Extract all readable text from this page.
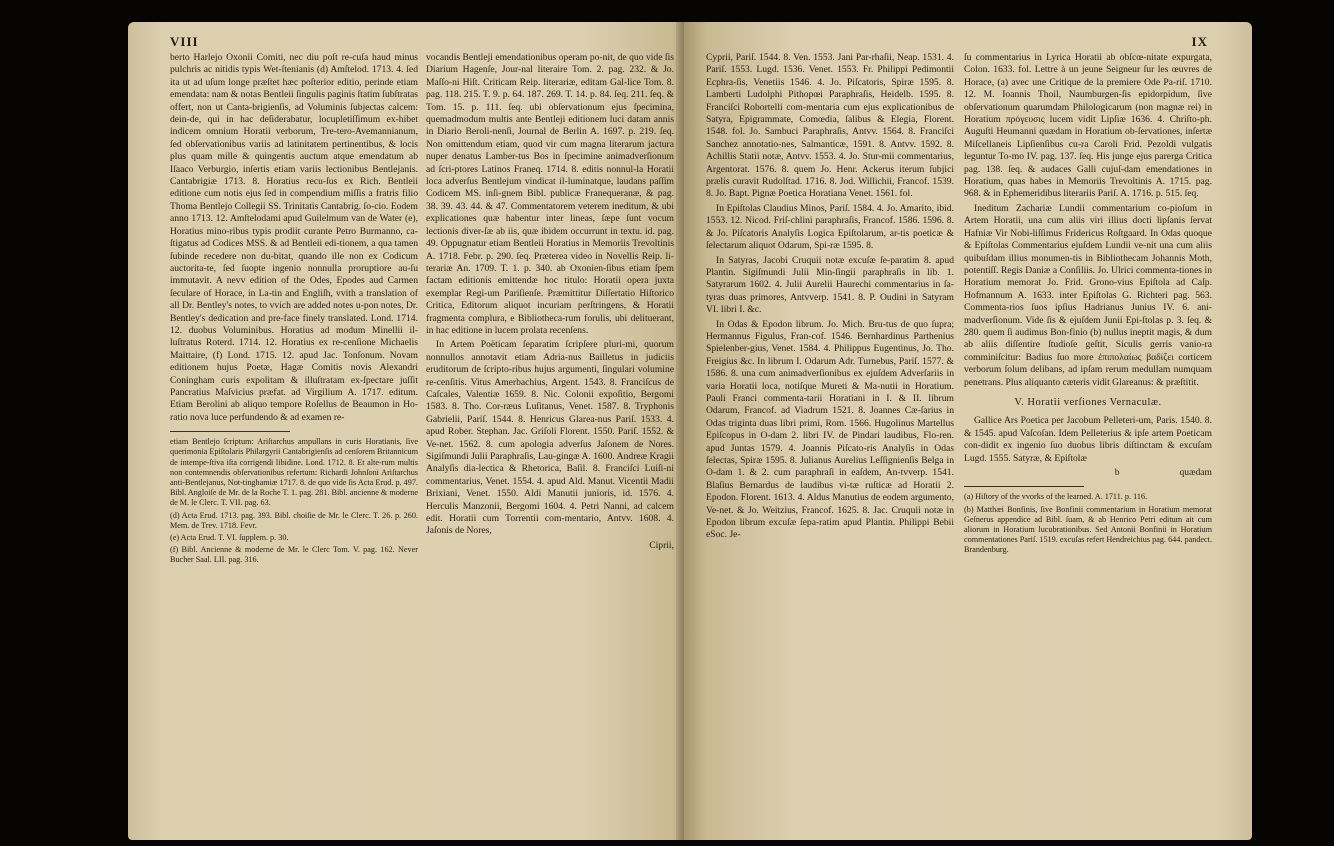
VIII

berto Harlejo Oxonii Comiti, nec diu poſt re-cuſa haud minus pulchris ac nitidis typis Wet-ſtenianis (d) Amſtelod. 1713. 4. ſed ita ut ad uſum longe præſtet hæc poſterior editio, perinde etiam emendata: nam & notas Bentleii ſingulis paginis ſtatim ſubſtratas offert, non ut Canta-brigienſis, ad Voluminis ſubjectas calcem: dein-de, qui in hac deſiderabatur, locupletiſſimum ex-hibet indicem omnium Horatii verborum, Tre-tero-Avemannianum, ſed obſervationibus variis ad latinitatem pertinentibus, & locis plus quam mille & quingentis auctum atque emendatum ab Iſaaco Verburgio, inſertis etiam variis lectionibus Bentlejanis. Cantabrigiæ 1713. 8. Horatius recu-ſus ex Rich. Bentleii editione cum notis ejus ſed in compendium miſſis a fratris filio Thoma Bentlejo Collegii SS. Trinitatis Cantabrig. ſo-cio. Eodem anno 1713. 12. Amſtelodami apud Guilelmum van de Water (e), Horatius mino-ribus typis prodiit curante Petro Burmanno, ca-ſtigatus ad Codices MSS. & ad Bentleii edi-tionem, a qua tamen ſubinde recedere non du-bitat, quando ille non ex Codicum auctorita-te, ſed ſuopte ingenio nonnulla proruptiore au-ſu immutavit. A nevv edition of the Odes, Epodes aud Carmen ſeculare of Horace, in La-tin and Engliſh, vvith a translation of all Dr. Bentley's notes, to vvich are added notes u-pon notes, Dr. Bentley's dedication and pre-face finely translated. Lond. 1714. 12. duobus Voluminibus. Horatius ad modum Minellii il-luſtratus Roterd. 1714. 12. Horatius ex re-cenſione Michaelis Maittaire, (f) Lond. 1715. 12. apud Jac. Tonſonum. Novam editionem hujus Poetæ, Hagæ Comitis novis Alexandri Coningham curis expolitam & illuſtratam ex-ſpectare juſſit Pancratius Maſvicius præfat. ad Virgilium A. 1717. editum. Etiam Berolini ab aliquo tempore Roſellus de Beaumon in Ho-ratio nova luce perfundendo & ad examen re-

etiam Bentlejo ſcriptum: Ariſtarchus ampullans in curis Horatianis, ſive querimonia Epiſtolaris Philargyrii Cantabrigienſis ad cenſorem Britannicum de intempe-ſtiva iſta corrigendi libidine. Lond. 1712. 8. Et alte-rum multis non contemnendis obſervationibus refertum: Richardi Johnſoni Ariſtarchus anti-Bentlejanus, Not-tinghamiæ 1717. 8. de quo vide ſis Acta Erud. p. 497. Bibl. Angloiſe de Mr. de la Roche T. 1. pag. 281. Bibl. ancienne & moderne de M. le Clerc. T. VII. pag. 63.

(d) Acta Erud. 1713. pag. 393. Bibl. choiſie de Mr. le Clerc. T. 26. p. 260. Mem. de Trev. 1718. Fevr.

(e) Acta Erud. T. VI. ſupplem. p. 30.

(f) Bibl. Ancienne & moderne de Mr. le Clerc Tom. V. pag. 162. Never Bucher Saal. LII. pag. 316.

vocandis Bentleji emendationibus operam po-nit, de quo vide ſis Diarium Hagenſe, Jour-nal literaire Tom. 2. pag. 232. & Jo. Maſſo-ni Hiſt. Criticam Reip. literariæ, editam Gal-lice Tom. 8. pag. 118. 215. T. 9. p. 64. 187. 269. T. 14. p. 84. ſeq. 211. ſeq. & Tom. 15. p. 111. ſeq. ubi obſervationum ejus ſpecimina, quemadmodum multis ante Bentleji editionem luci datam annis in Diario Beroli-nenſi, Journal de Berlin A. 1697. p. 219. ſeq. Non omittendum etiam, quod vir cum magna literarum jactura nuper denatus Lamber-tus Bos in ſpecimine animadverſionum ad ſcri-ptores Latinos Franeq. 1714. 8. editis nonnul-la Horatii loca adverſus Bentlejum vindicat il-luminatque, laudans paſſim Codicem MS. inſi-gnem Bibl. publicæ Franequeranæ, & pag. 38. 39. 43. 44. & 47. Commentatorem veterem ineditum, & ubi explicationes quæ habentur inter lineas, ſæpe ſunt vocum lectionis diver-ſæ ab iis, quæ ibidem occurrunt in textu. id. pag. 49. Oppugnatur etiam Bentleii Horatius in Memoriis Trevoltinis A. 1718. Febr. p. 290. ſeq. Præterea video in Novellis Reip. li-terariæ An. 1709. T. 1. p. 340. ab Oxonien-ſibus etiam ſpem factam editionis emittendæ hoc titulo: Horatii opera juxta exemplar Regi-um Pariſienſe. Præmittitur Diſſertatio Hiſtorico Critica, Editorum aliquot incuriam perſtringens, & Horatii fragmenta complura, e Bibliotheca-rum forulis, ubi delituerant, in hac editione in lucem prolata recenſens.

In Artem Poëticam ſeparatim ſcripſere pluri-mi, quorum nonnullos annotavit etiam Adria-nus Bailletus in judiciis eruditorum de ſcripto-ribus hujus argumenti, ſingulari volumine re-cenſitis. Vitus Amerbachius, Argent. 1543. 8. Franciſcus de Caſcales, Valentiæ 1659. 8. Nic. Colonii expoſitio, Bergomi 1583. 8. Tho. Cor-ræus Luſitanus, Venet. 1587. 8. Tryphonis Gabrielii, Pariſ. 1544. 8. Henricus Glarea-nus Pariſ. 1533. 4. apud Rober. Stephan. Jac. Griſoli Florent. 1550. Pariſ. 1552. & Ve-net. 1562. 8. cum apologia adverſus Jaſonem de Nores. Sigiſmundi Julii Paraphraſis, Lau-gingæ A. 1600. Andreæ Kragii Analyſis dia-lectica & Rhetorica, Baſil. 8. Franciſci Luiſi-ni commentarius, Venet. 1554. 4. apud Ald. Manut. Vicentii Madii Brixiani, Venet. 1550. Aldi Manutii junioris, id. 1576. 4. Herculis Manzonii, Bergomi 1604. 4. Petri Nanni, ad calcem edit. Horatii cum Torrentii com-mentario, Antvv. 1608. 4. Jaſonis de Nores,

Ciprii,

IX

Cyprii, Pariſ. 1544. 8. Ven. 1553. Jani Par-rhaſii, Neap. 1531. 4. Pariſ. 1553. Lugd. 1536. Venet. 1553. Fr. Philippi Pedimontii Ecphra-ſis, Venetiis 1546. 4. Jo. Piſcatoris, Spiræ 1595. 8. Lamberti Ludolphi Pithopœi Paraphraſis, Heidelb. 1595. 8. Franciſci Robortelli com-mentaria cum ejus explicationibus de Satyra, Epigrammate, Comœdia, ſalibus & Elegia, Florent. 1548. fol. Jo. Sambuci Paraphraſis, Antvv. 1564. 8. Franciſci Sanchez annotatio-nes, Salmanticæ, 1591. 8. Antvv. 1592. 8. Achillis Statii notæ, Antvv. 1553. 4. Jo. Stur-mii commentarius, Argentorat. 1576. 8. quem Jo. Henr. Ackerus iterum ſubjici prælis curavit Rudolſtad. 1716. 8. Jod. Willichii, Francof. 1539. 8. Jo. Bapt. Pignæ Poetica Horatiana Venet. 1561. fol.

In Epiſtolas Claudius Minos, Pariſ. 1584. 4. Jo. Amarito, ibid. 1553. 12. Nicod. Friſ-chlini paraphraſis, Francof. 1586. 1596. 8. & Jo. Piſcatoris Analyſis Logica Epiſtolarum, ar-tis poeticæ & ſelectarum aliquot Odarum, Spi-ræ 1595. 8.

In Satyras, Jacobi Cruquii notæ excuſæ ſe-paratim 8. apud Plantin. Sigiſmundi Julii Min-ſingii paraphraſis in lib. 1. Satyrarum 1602. 4. Julii Aurelii Haurechi commentarius in ſa-tyras duas primores, Antvverp. 1541. 8. P. Oudini in Satyram VI. libri I. &c.

In Odas & Epodon librum. Jo. Mich. Bru-tus de quo ſupra; Hermannus Figulus, Fran-cof. 1546. Bernhardinus Parthenius Spielenber-gius, Venet. 1584. 4. Philippus Eugentinus, Jo. Tho. Freigius &c. In librum I. Odarum Adr. Turnebus, Pariſ. 1577. & 1586. 8. una cum animadverſionibus ex ejuſdem Adverſariis in varia Horatii loca, notiſque Mureti & Ma-nutii in Horatium. Pauli Franci commenta-tarii Horatiani in I. & II. librum Odarum, Francof. ad Viadrum 1521. 8. Joannes Cæ-ſarius in Odas triginta duas libri primi, Rom. 1566. Hugolinus Martellus Epiſcopus in O-dam 2. libri IV. de Pindari laudibus, Flo-ren. apud Juntas 1579. 4. Joannis Piſcato-ris Analyſis in Odas ſelectas, Spiræ 1595. 8. Julianus Aurelius Leſſignienſis Belga in O-dam 1. & 2. cum paraphraſi in eaſdem, An-tvverp. 1541. Blaſius Bernardus de laudibus vi-tæ ruſticæ ad Horatii 2. Epodon. Florent. 1613. 4. Aldus Manutius de eodem argumento, Ve-net. & Jo. Weitzius, Francof. 1625. 8. Jac. Cruquii notæ in Epodon librum excuſæ ſepa-ratim apud Plantin. Philippi Bebii eSoc. Je-

ſu commentarius in Lyrica Horatii ab obſcœ-nitate expurgata, Colon. 1633. fol. Lettre à un jeune Seigneur ſur les œuvres de Horace, (a) avec une Critique de la premiere Ode Pa-riſ. 1710. 12. M. Ioannis Thoil, Naumburgen-ſis epidorpidum, ſive obſervationum quarumdam Philologicarum (non magnæ rei) in Horatium πρόγευσις lucem vidit Lipſiæ 1636. 4. Chriſto-ph. Auguſti Heumanni quædam in Horatium ob-ſervationes, inſertæ Miſcellaneis Lipſienſibus cu-ra Caroli Frid. Pezoldi vulgatis leguntur To-mo IV. pag. 137. ſeq. His junge ejus parerga Critica pag. 138. ſeq. & audaces Galli cujuſ-dam emendationes in Horatium, quas habes in Memoriis Trevoltinis A. 1715. pag. 968. & in Ephemeridibus literariis Pariſ. A. 1716. p. 515. ſeq.

Ineditum Zachariæ Lundii commentarium co-pioſum in Artem Horatii, una cum aliis viri illius docti lipſanis ſervat Hafniæ Vir Nobi-liſſimus Fridericus Roſtgaard. In Odas quoque & Epiſtolas Commentarius ejuſdem Lundii ve-nit una cum aliis quibuſdam illius monumen-tis in Bibliothecam Johannis Moth, potentiſſ. Regis Daniæ a Conſiliis. Jo. Ulrici commenta-tiones in Horatium memorat Jo. Frid. Grono-vius Epiſtola ad Caſp. Hofmannum A. 1633. inter Epiſtolas G. Richteri pag. 563. Commenta-rios ſuos ipſius Hadrianus Junius IV. 6. ani-madverſionum. Vide ſis & ejuſdem Junii Epi-ſtolas p. 3. ſeq. & 280. quem ſi audimus Bon-finio (b) nullus ineptit magis, & dum ab aliis diſſentire ſtudioſe geſtit, Siculis gerris vanio-ra comminiſcitur: Badius ſuo more ἐπιπολαίως βαδίζει corticem verborum ſolum delibans, ad ipſam rerum medullam numquam penetrans. Plus aliquanto cæteris vidit Glareanus: & præſtitit.

V. Horatii verſiones Vernaculæ.

Gallice Ars Poetica per Jacobum Pelleteri-um, Paris. 1540. 8. & 1545. apud Vaſcoſan. Idem Pelleterius & ipſe artem Poeticam con-didit ex ingenio ſuo duobus libris diſtinctam & excuſam Lugd. 1555. Satyræ, & Epiſtolæ

b	quædam

(a) Hiſtory of the vvorks of the learned. A. 1711. p. 116.

(b) Matthæi Bonfinis, ſive Bonfinii commentarium in Horatium memorat Geſnerus appendice ad Bibl. ſuam, & ab Henrico Petri editum ait cum aliorum in Horatium lucubrationibus. Sed Antonii Bonfinii in Horatium commentationes Pariſ. 1519. excuſas refert Hendreichius pag. 644. pandect. Brandenburg.
